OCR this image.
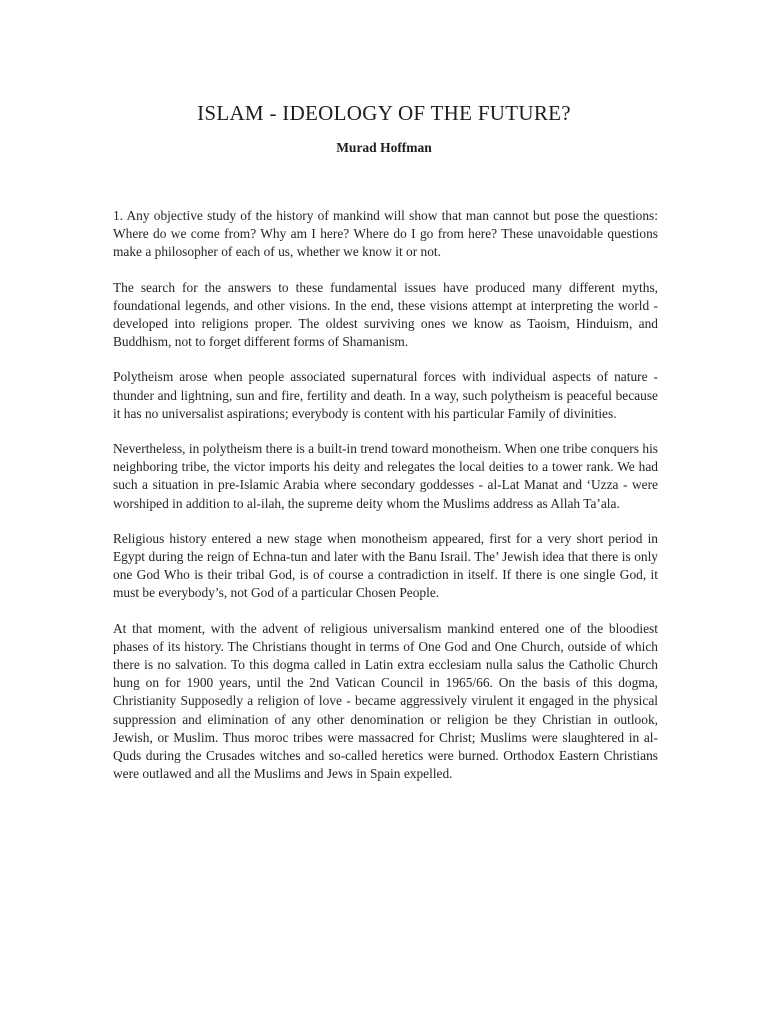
ISLAM - IDEOLOGY OF THE FUTURE?
Murad Hoffman

1. Any objective study of the history of mankind will show that man cannot but pose the questions: Where do we come from? Why am I here? Where do I go from here? These unavoidable questions make a philosopher of each of us, whether we know it or not.

The search for the answers to these fundamental issues have produced many different myths, foundational legends, and other visions. In the end, these visions attempt at interpreting the world - developed into religions proper. The oldest surviving ones we know as Taoism, Hinduism, and Buddhism, not to forget different forms of Shamanism.

Polytheism arose when people associated supernatural forces with individual aspects of nature - thunder and lightning, sun and fire, fertility and death. In a way, such polytheism is peaceful because it has no universalist aspirations; everybody is content with his particular Family of divinities.

Nevertheless, in polytheism there is a built-in trend toward monotheism. When one tribe conquers his neighboring tribe, the victor imports his deity and relegates the local deities to a tower rank. We had such a situation in pre-Islamic Arabia where secondary goddesses - al-Lat Manat and ‘Uzza - were worshiped in addition to al-ilah, the supreme deity whom the Muslims address as Allah Ta’ala.

Religious history entered a new stage when monotheism appeared, first for a very short period in Egypt during the reign of Echna-tun and later with the Banu Israil. The’ Jewish idea that there is only one God Who is their tribal God, is of course a contradiction in itself. If there is one single God, it must be everybody’s, not God of a particular Chosen People.

At that moment, with the advent of religious universalism mankind entered one of the bloodiest phases of its history. The Christians thought in terms of One God and One Church, outside of which there is no salvation. To this dogma called in Latin extra ecclesiam nulla salus the Catholic Church hung on for 1900 years, until the 2nd Vatican Council in 1965/66. On the basis of this dogma, Christianity Supposedly a religion of love - became aggressively virulent it engaged in the physical suppression and elimination of any other denomination or religion be they Christian in outlook, Jewish, or Muslim. Thus moroc tribes were massacred for Christ; Muslims were slaughtered in al-Quds during the Crusades witches and so-called heretics were burned. Orthodox Eastern Christians were outlawed and all the Muslims and Jews in Spain expelled.
